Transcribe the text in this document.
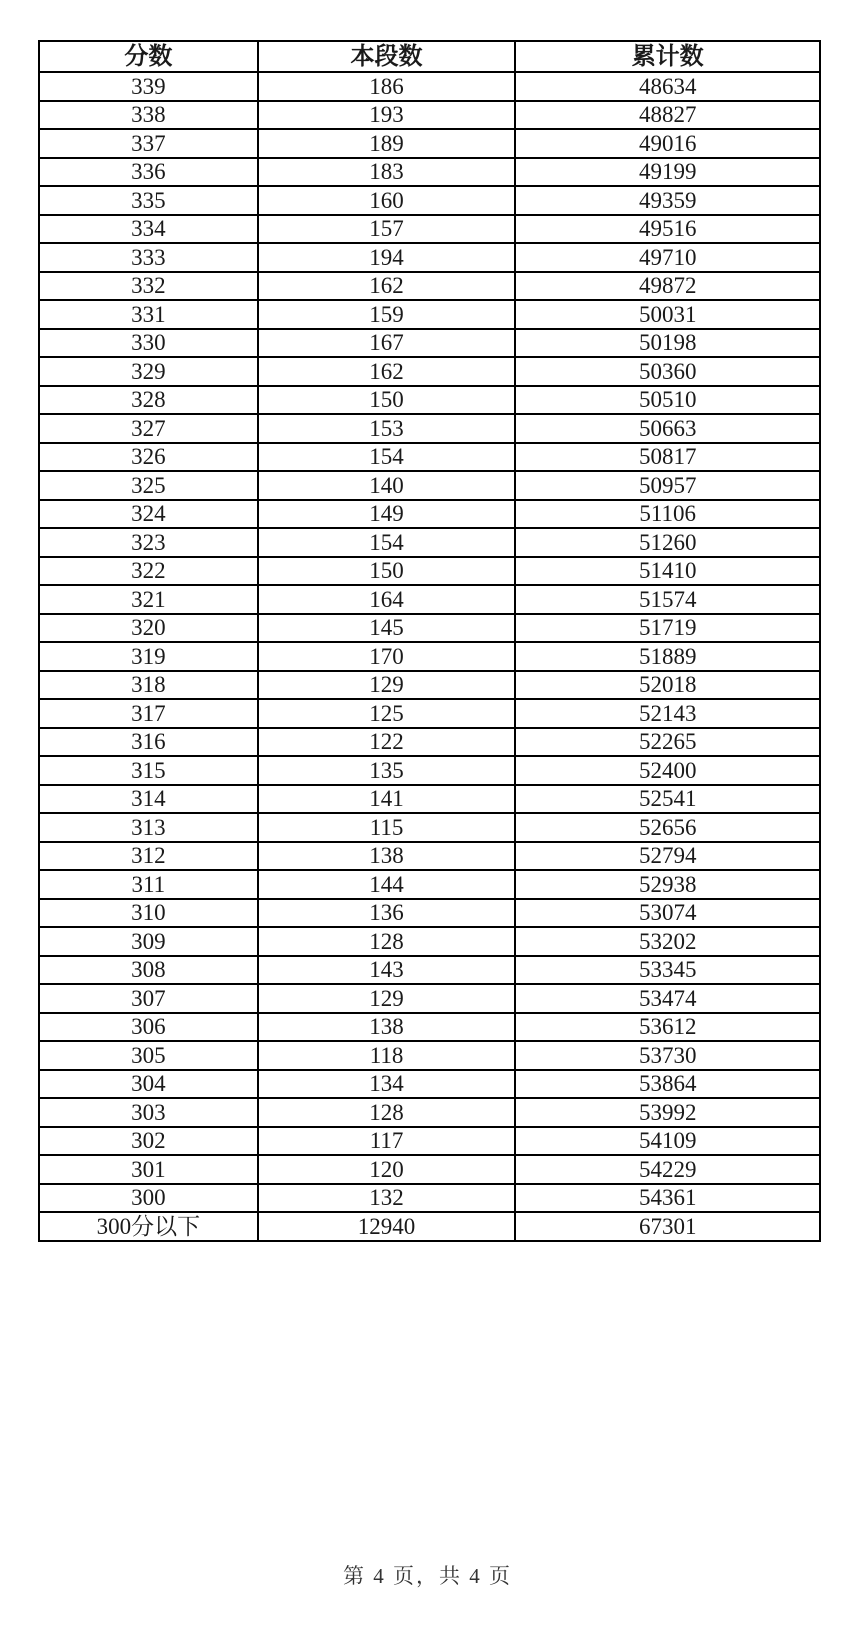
分数	本段数	累计数
339	186	48634
338	193	48827
337	189	49016
336	183	49199
335	160	49359
334	157	49516
333	194	49710
332	162	49872
331	159	50031
330	167	50198
329	162	50360
328	150	50510
327	153	50663
326	154	50817
325	140	50957
324	149	51106
323	154	51260
322	150	51410
321	164	51574
320	145	51719
319	170	51889
318	129	52018
317	125	52143
316	122	52265
315	135	52400
314	141	52541
313	115	52656
312	138	52794
311	144	52938
310	136	53074
309	128	53202
308	143	53345
307	129	53474
306	138	53612
305	118	53730
304	134	53864
303	128	53992
302	117	54109
301	120	54229
300	132	54361
300分以下	12940	67301
第 4 页，共 4 页
